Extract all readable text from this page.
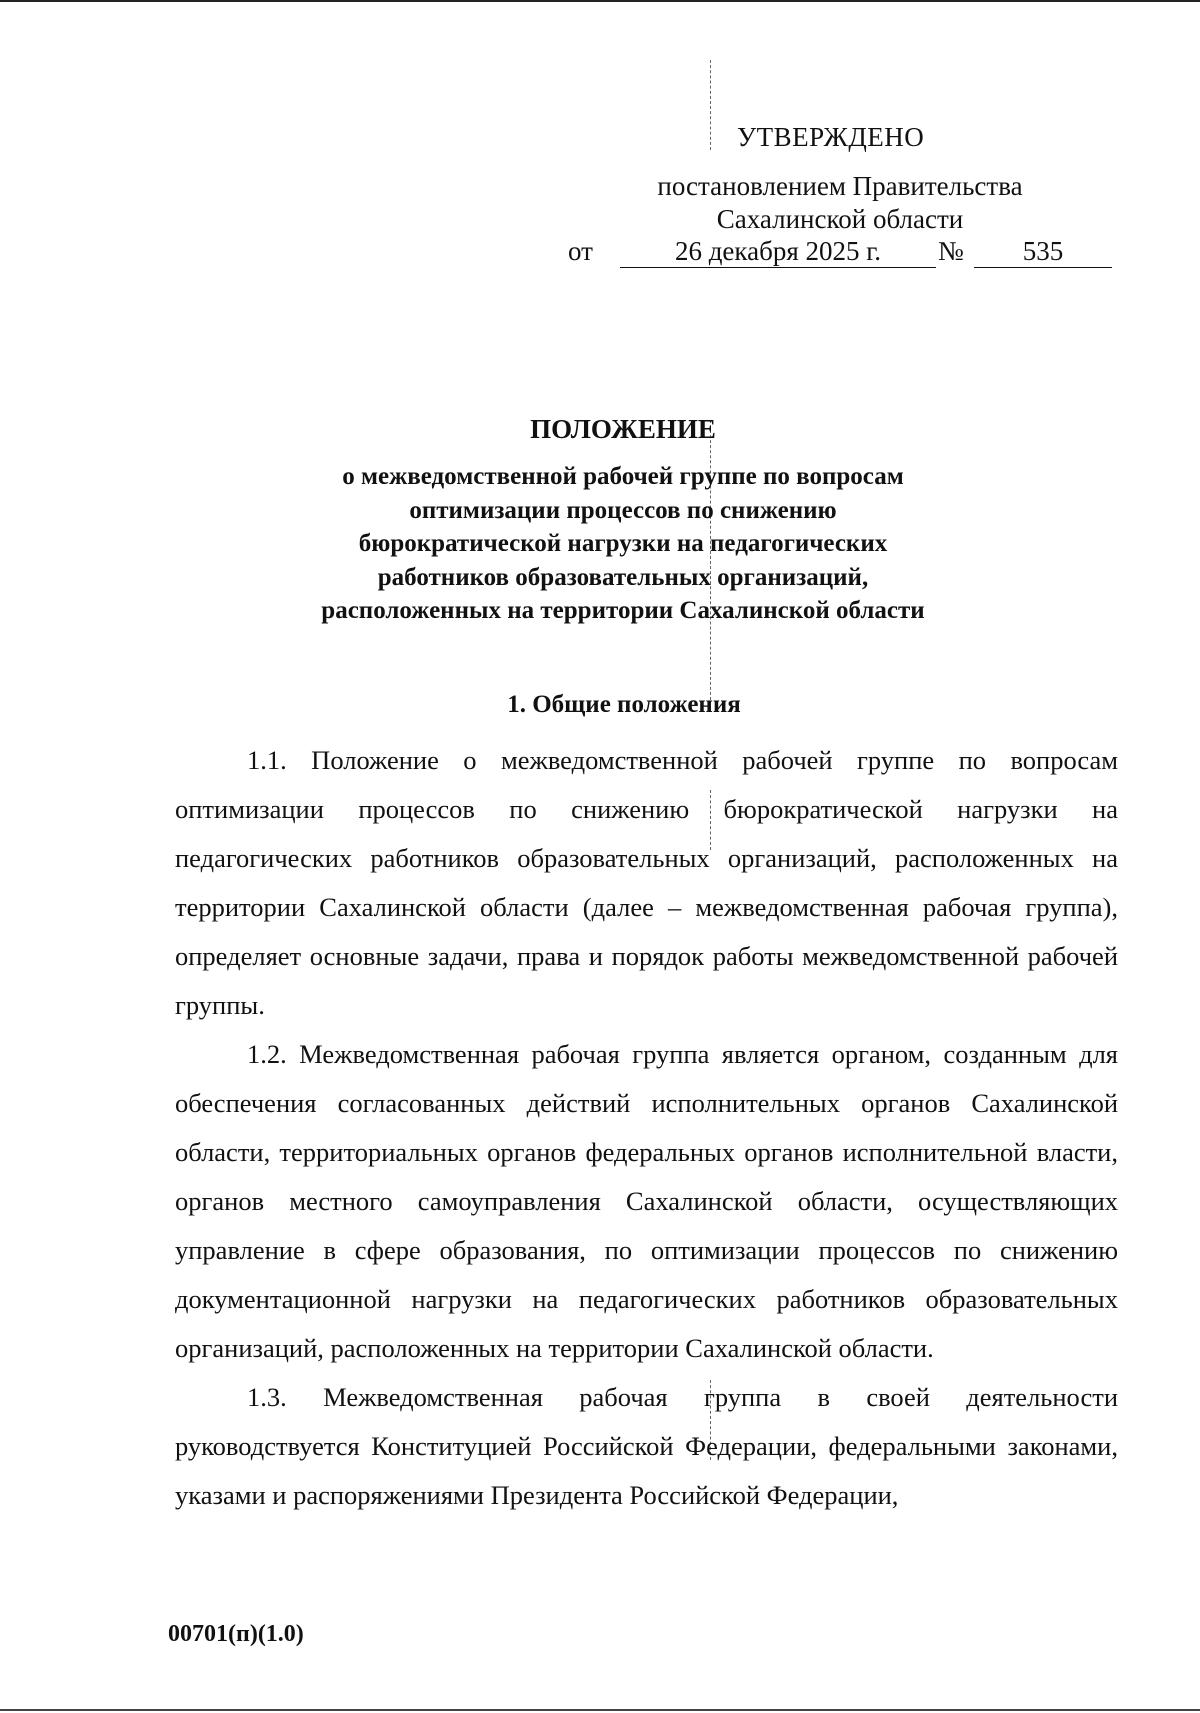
УТВЕРЖДЕНО
постановлением Правительства
Сахалинской области
от	26 декабря 2025 г.	№	535
ПОЛОЖЕНИЕ
о межведомственной рабочей группе по вопросам
оптимизации процессов по снижению
бюрократической нагрузки на педагогических
работников образовательных организаций,
расположенных на территории Сахалинской области
1. Общие положения

1.1. Положение о межведомственной рабочей группе по вопросам оптимизации процессов по снижению бюрократической нагрузки на педагогических работников образовательных организаций, расположенных на территории Сахалинской области (далее – межведомственная рабочая группа), определяет основные задачи, права и порядок работы межведомственной рабочей группы.

1.2. Межведомственная рабочая группа является органом, созданным для обеспечения согласованных действий исполнительных органов Сахалинской области, территориальных органов федеральных органов исполнительной власти, органов местного самоуправления Сахалинской области, осуществляющих управление в сфере образования, по оптимизации процессов по снижению документационной нагрузки на педагогических работников образовательных организаций, расположенных на территории Сахалинской области.

1.3. Межведомственная рабочая группа в своей деятельности руководствуется Конституцией Российской Федерации, федеральными законами, указами и распоряжениями Президента Российской Федерации,

00701(п)(1.0)
